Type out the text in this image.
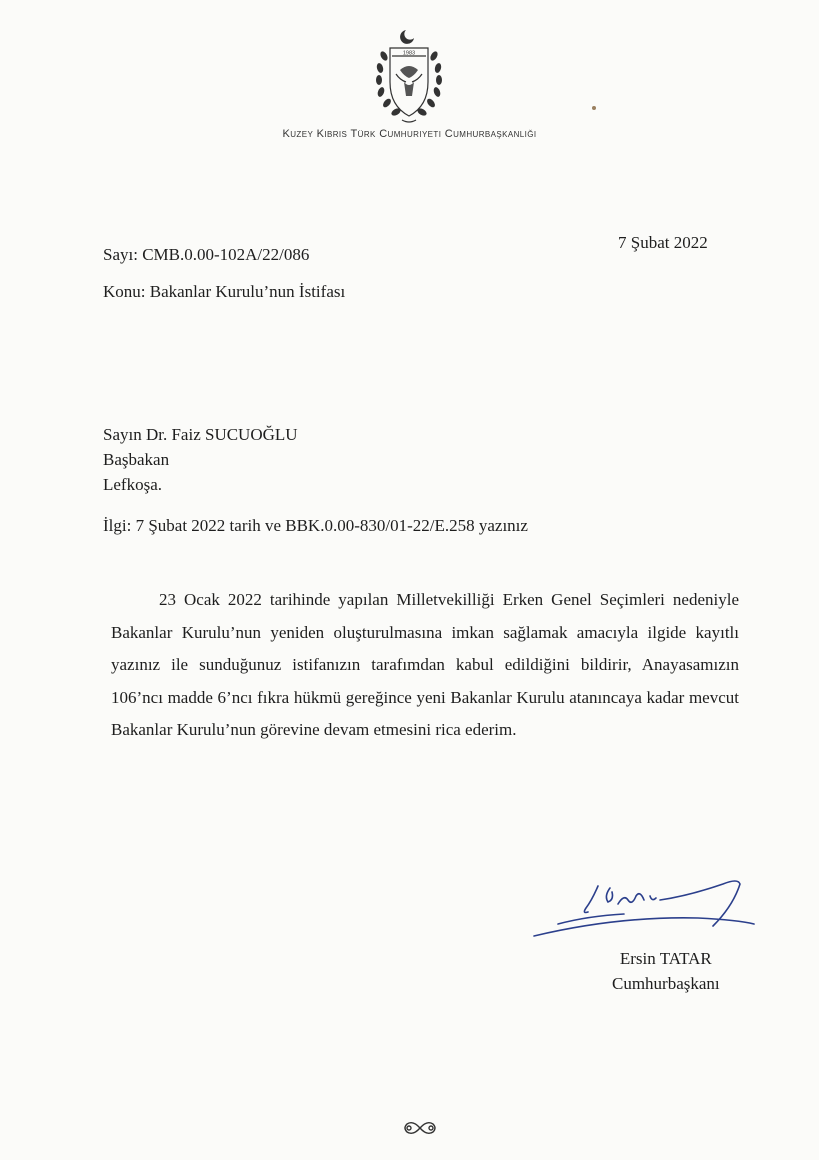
1983
Kuzey Kıbrıs Türk Cumhuriyeti Cumhurbaşkanlığı
Sayı: CMB.0.00-102A/22/086
7 Şubat 2022
Konu: Bakanlar Kurulu’nun İstifası
Sayın Dr. Faiz SUCUOĞLU
Başbakan
Lefkoşa.
İlgi: 7 Şubat 2022 tarih ve BBK.0.00-830/01-22/E.258 yazınız
23 Ocak 2022 tarihinde yapılan Milletvekilliği Erken Genel Seçimleri nedeniyle Bakanlar Kurulu’nun yeniden oluşturulmasına imkan sağlamak amacıyla ilgide kayıtlı yazınız ile sunduğunuz istifanızın tarafımdan kabul edildiğini bildirir, Anayasamızın 106’ncı madde 6’ncı fıkra hükmü gereğince yeni Bakanlar Kurulu atanıncaya kadar mevcut Bakanlar Kurulu’nun görevine devam etmesini rica ederim.
Ersin TATAR
Cumhurbaşkanı
